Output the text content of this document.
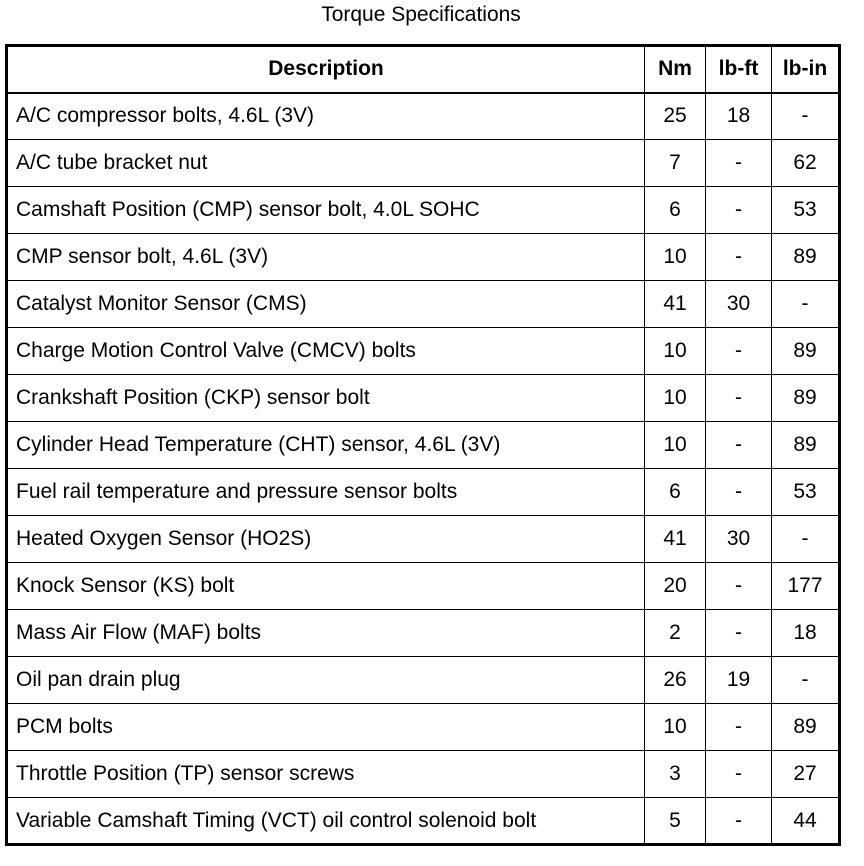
Torque Specifications
Description	Nm	lb-ft	lb-in
A/C compressor bolts, 4.6L (3V)	25	18	-
A/C tube bracket nut	7	-	62
Camshaft Position (CMP) sensor bolt, 4.0L SOHC	6	-	53
CMP sensor bolt, 4.6L (3V)	10	-	89
Catalyst Monitor Sensor (CMS)	41	30	-
Charge Motion Control Valve (CMCV) bolts	10	-	89
Crankshaft Position (CKP) sensor bolt	10	-	89
Cylinder Head Temperature (CHT) sensor, 4.6L (3V)	10	-	89
Fuel rail temperature and pressure sensor bolts	6	-	53
Heated Oxygen Sensor (HO2S)	41	30	-
Knock Sensor (KS) bolt	20	-	177
Mass Air Flow (MAF) bolts	2	-	18
Oil pan drain plug	26	19	-
PCM bolts	10	-	89
Throttle Position (TP) sensor screws	3	-	27
Variable Camshaft Timing (VCT) oil control solenoid bolt	5	-	44
